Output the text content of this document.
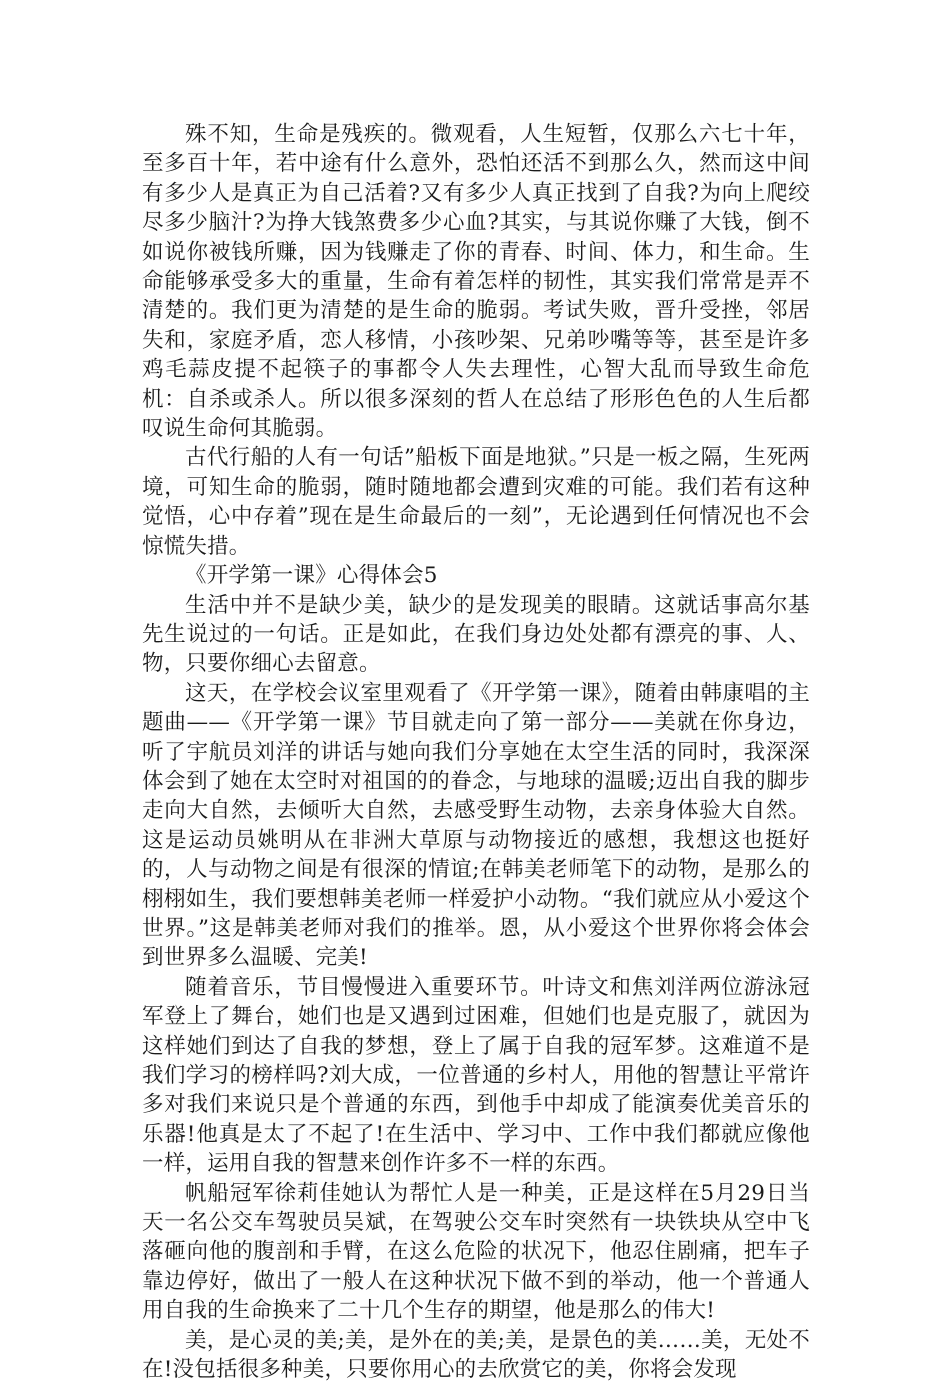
殊不知，生命是残疾的。微观看，人生短暂，仅那么六七十年，至多百十年，若中途有什么意外，恐怕还活不到那么久，然而这中间有多少人是真正为自己活着?又有多少人真正找到了自我?为向上爬绞尽多少脑汁?为挣大钱煞费多少心血?其实，与其说你赚了大钱，倒不如说你被钱所赚，因为钱赚走了你的青春、时间、体力，和生命。生命能够承受多大的重量，生命有着怎样的韧性，其实我们常常是弄不清楚的。我们更为清楚的是生命的脆弱。考试失败，晋升受挫，邻居失和，家庭矛盾，恋人移情，小孩吵架、兄弟吵嘴等等，甚至是许多鸡毛蒜皮提不起筷子的事都令人失去理性，心智大乱而导致生命危机：自杀或杀人。所以很多深刻的哲人在总结了形形色色的人生后都叹说生命何其脆弱。

古代行船的人有一句话”船板下面是地狱。”只是一板之隔，生死两境，可知生命的脆弱，随时随地都会遭到灾难的可能。我们若有这种觉悟，心中存着”现在是生命最后的一刻”，无论遇到任何情况也不会惊慌失措。

《开学第一课》心得体会5

生活中并不是缺少美，缺少的是发现美的眼睛。这就话事高尔基先生说过的一句话。正是如此，在我们身边处处都有漂亮的事、人、物，只要你细心去留意。

这天，在学校会议室里观看了《开学第一课》，随着由韩康唱的主题曲——《开学第一课》节目就走向了第一部分——美就在你身边，听了宇航员刘洋的讲话与她向我们分享她在太空生活的同时，我深深体会到了她在太空时对祖国的的眷念，与地球的温暖;迈出自我的脚步走向大自然，去倾听大自然，去感受野生动物，去亲身体验大自然。这是运动员姚明从在非洲大草原与动物接近的感想，我想这也挺好的，人与动物之间是有很深的情谊;在韩美老师笔下的动物，是那么的栩栩如生，我们要想韩美老师一样爱护小动物。“我们就应从小爱这个世界。”这是韩美老师对我们的推举。恩，从小爱这个世界你将会体会到世界多么温暖、完美!

随着音乐，节目慢慢进入重要环节。叶诗文和焦刘洋两位游泳冠军登上了舞台，她们也是又遇到过困难，但她们也是克服了，就因为这样她们到达了自我的梦想，登上了属于自我的冠军梦。这难道不是我们学习的榜样吗?刘大成，一位普通的乡村人，用他的智慧让平常许多对我们来说只是个普通的东西，到他手中却成了能演奏优美音乐的乐器!他真是太了不起了!在生活中、学习中、工作中我们都就应像他一样，运用自我的智慧来创作许多不一样的东西。

帆船冠军徐莉佳她认为帮忙人是一种美，正是这样在5月29日当天一名公交车驾驶员吴斌，在驾驶公交车时突然有一块铁块从空中飞落砸向他的腹剖和手臂，在这么危险的状况下，他忍住剧痛，把车子靠边停好，做出了一般人在这种状况下做不到的举动，他一个普通人用自我的生命换来了二十几个生存的期望，他是那么的伟大!

美，是心灵的美;美，是外在的美;美，是景色的美……美，无处不在!没包括很多种美，只要你用心的去欣赏它的美，你将会发现
